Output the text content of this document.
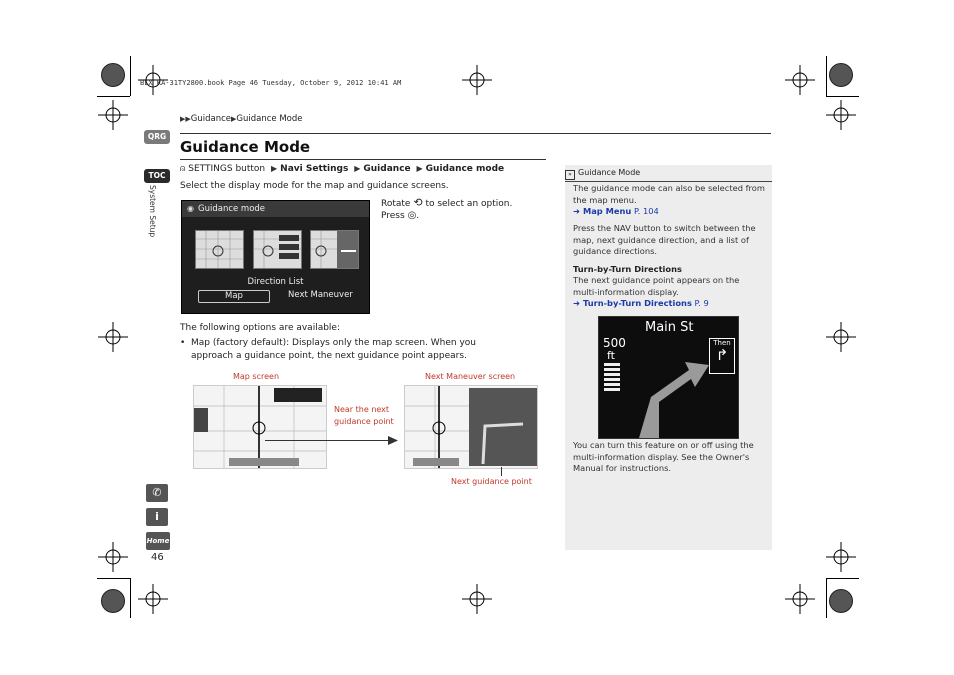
BLX_KA-31TY2800.book Page 46 Tuesday, October 9, 2012 10:41 AM
▶▶Guidance▶Guidance Mode
Guidance Mode
⍝ SETTINGS button ▶ Navi Settings ▶ Guidance ▶ Guidance mode
Select the display mode for the map and guidance screens.
◉ Guidance mode
Direction List
Map	Next Maneuver
Rotate ⟲ to select an option.
Press ◎.
The following options are available:
• Map (factory default): Displays only the map screen. When you approach a guidance point, the next guidance point appears.
Map screen	Next Maneuver screen
Near the next
guidance point
Next guidance point
QRG
TOC
System Setup
✆
i
Home
46
» Guidance Mode
The guidance mode can also be selected from the map menu.
➜ Map Menu P. 104
Press the NAV button to switch between the map, next guidance direction, and a list of guidance directions.
Turn-by-Turn Directions
The next guidance point appears on the multi-information display.
➜ Turn-by-Turn Directions P. 9
You can turn this feature on or off using the multi-information display. See the Owner's Manual for instructions.
Main St
500
ft
Then
↱
